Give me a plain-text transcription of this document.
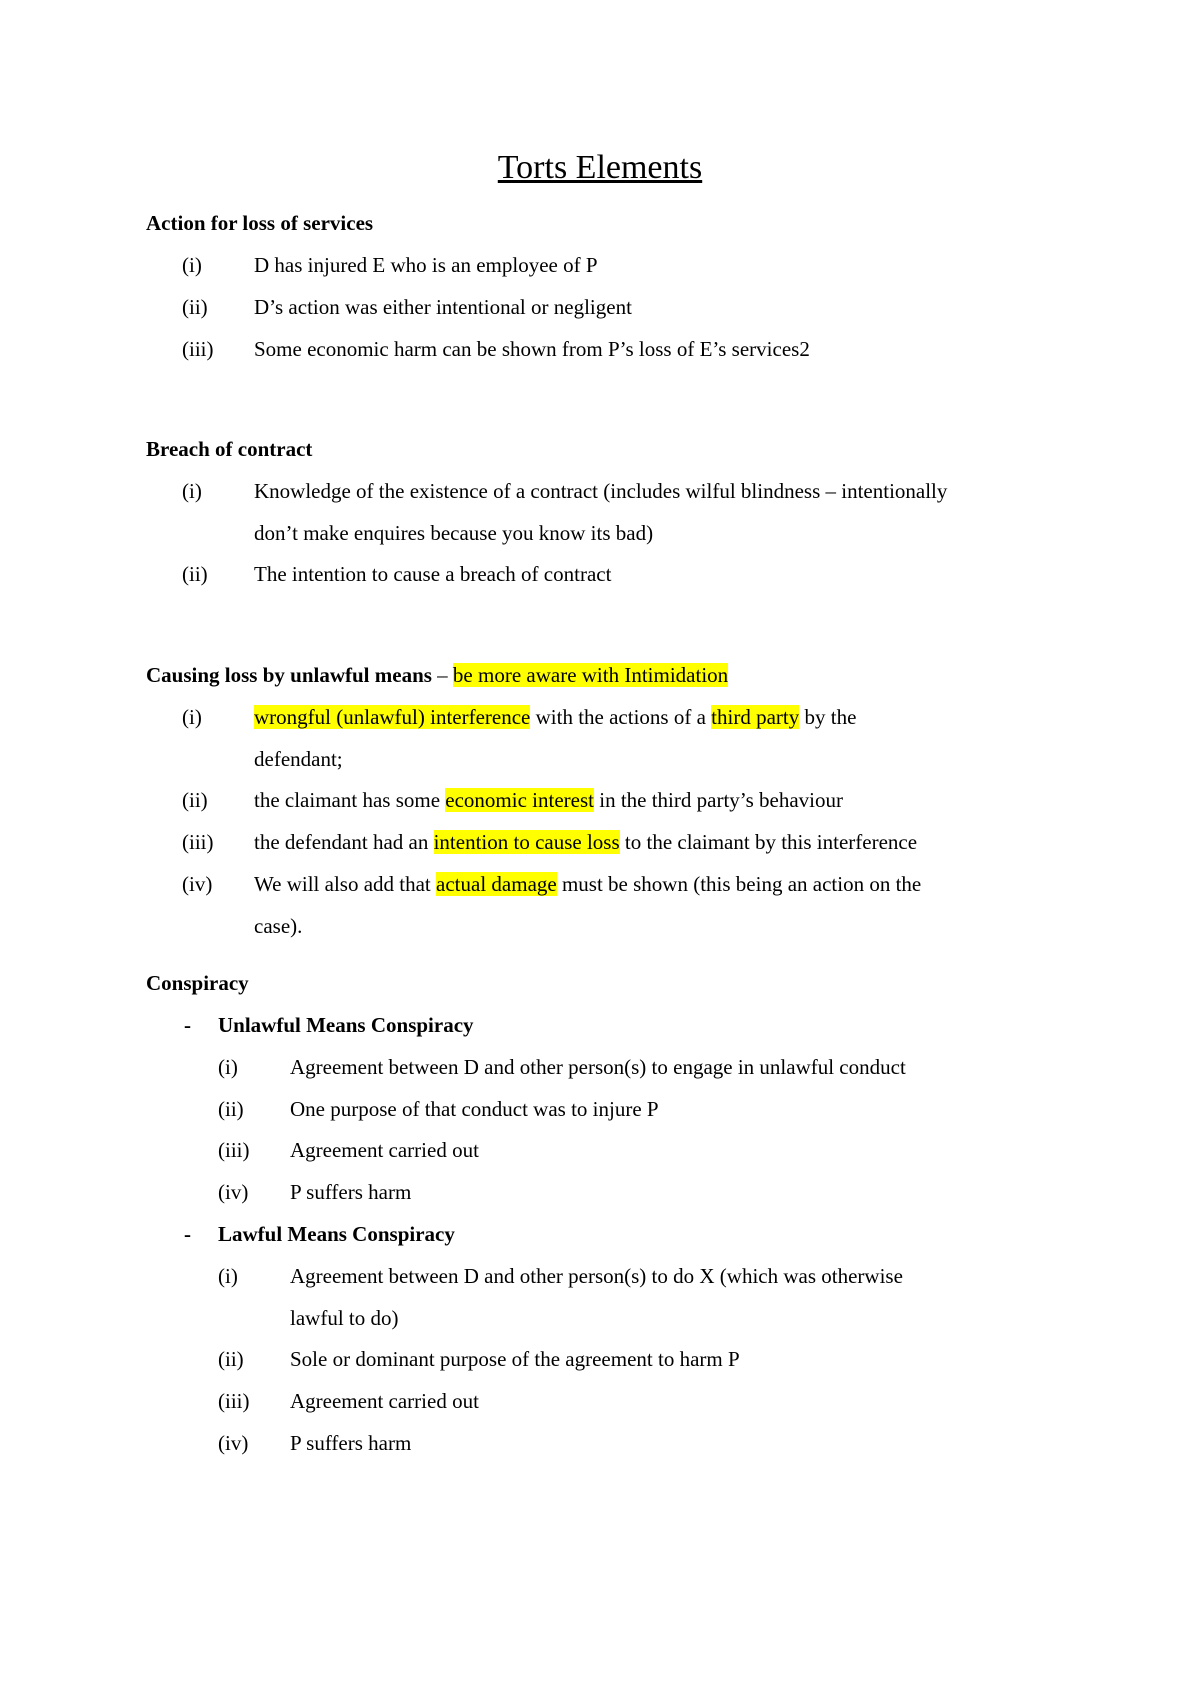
Torts Elements
Action for loss of services
(i) D has injured E who is an employee of P
(ii) D’s action was either intentional or negligent
(iii) Some economic harm can be shown from P’s loss of E’s services2
Breach of contract
(i) Knowledge of the existence of a contract (includes wilful blindness – intentionally
don’t make enquires because you know its bad)
(ii) The intention to cause a breach of contract
Causing loss by unlawful means – be more aware with Intimidation
(i) wrongful (unlawful) interference with the actions of a third party by the
defendant;
(ii) the claimant has some economic interest in the third party’s behaviour
(iii) the defendant had an intention to cause loss to the claimant by this interference
(iv) We will also add that actual damage must be shown (this being an action on the
case).
Conspiracy
- Unlawful Means Conspiracy
(i) Agreement between D and other person(s) to engage in unlawful conduct
(ii) One purpose of that conduct was to injure P
(iii) Agreement carried out
(iv) P suffers harm
- Lawful Means Conspiracy
(i) Agreement between D and other person(s) to do X (which was otherwise
lawful to do)
(ii) Sole or dominant purpose of the agreement to harm P
(iii) Agreement carried out
(iv) P suffers harm
